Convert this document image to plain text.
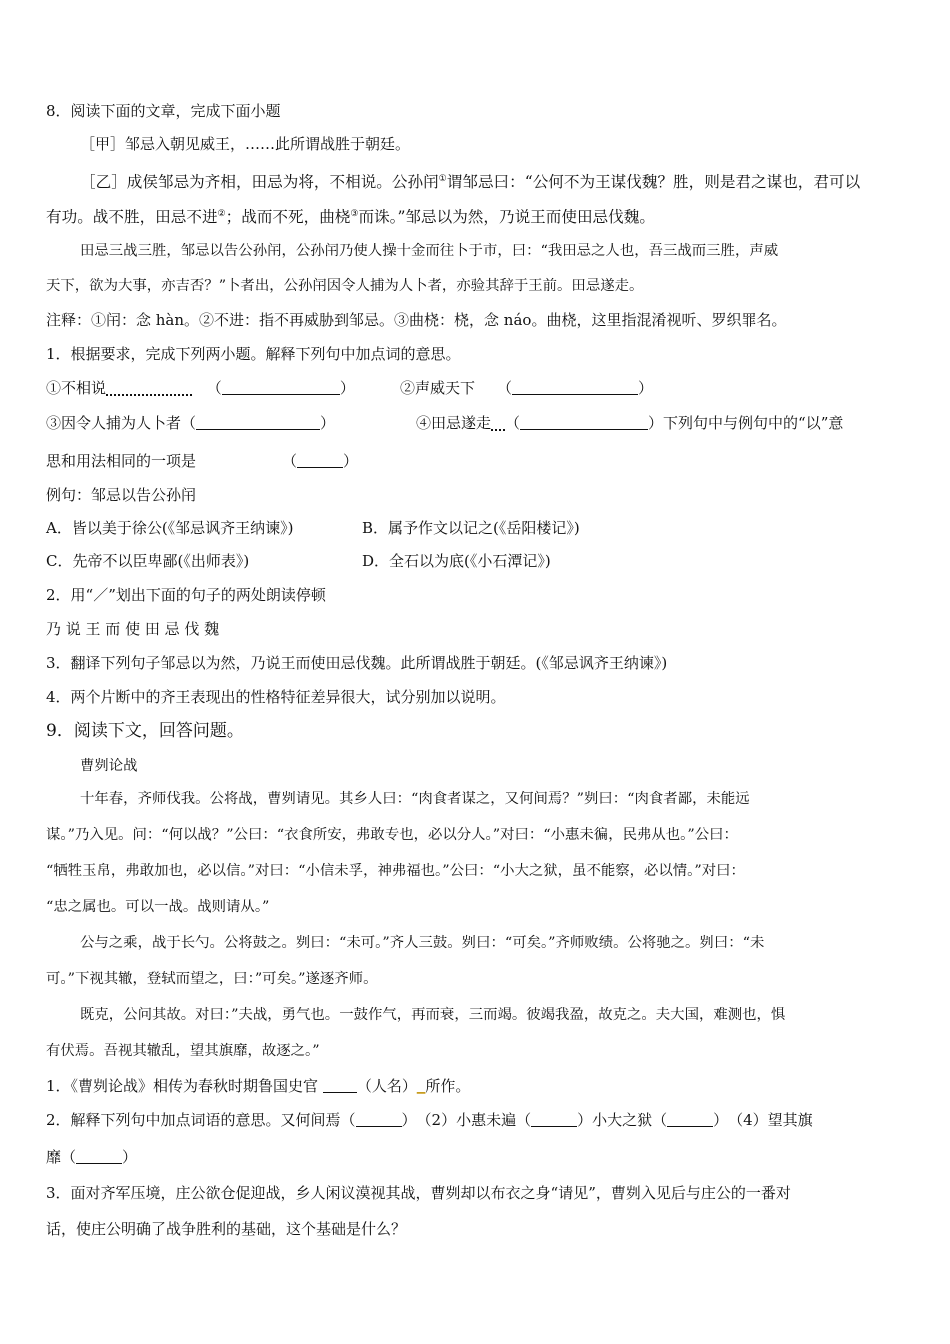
8．阅读下面的文章，完成下面小题
［甲］邹忌入朝见威王，……此所谓战胜于朝廷。
［乙］成侯邹忌为齐相，田忌为将，不相说。公孙闬①谓邹忌曰：“公何不为王谋伐魏？胜，则是君之谋也，君可以
有功。战不胜，田忌不进②；战而不死，曲桡③而诛。”邹忌以为然，乃说王而使田忌伐魏。
田忌三战三胜，邹忌以告公孙闬，公孙闬乃使人操十金而往卜于市，曰：“我田忌之人也，吾三战而三胜，声威
天下，欲为大事，亦吉否？”卜者出，公孙闬因令人捕为人卜者，亦验其辞于王前。田忌遂走。
注释：①闬：念 hàn。②不进：指不再威胁到邹忌。③曲桡：桡，念 náo。曲桡，这里指混淆视听、罗织罪名。
1．根据要求，完成下列两小题。解释下列句中加点词的意思。
①不相说	（	）	②声威天下 （	）
③因令人捕为人卜者（	）	④田忌遂走 （	）下列句中与例句中的“以”意
思和用法相同的一项是	（	）
例句：邹忌以告公孙闬
A．皆以美于徐公(《邹忌讽齐王纳谏》)	B．属予作文以记之(《岳阳楼记》)
C．先帝不以臣卑鄙(《出师表》)	D．全石以为底(《小石潭记》)
2．用“／”划出下面的句子的两处朗读停顿
乃 说 王 而 使 田 忌 伐 魏
3．翻译下列句子邹忌以为然，乃说王而使田忌伐魏。此所谓战胜于朝廷。(《邹忌讽齐王纳谏》)
4．两个片断中的齐王表现出的性格特征差异很大，试分别加以说明。
9．阅读下文，回答问题。
曹刿论战
十年春，齐师伐我。公将战，曹刿请见。其乡人曰：“肉食者谋之，又何间焉？”刿曰：“肉食者鄙，未能远
谋。”乃入见。问：“何以战？”公曰：“衣食所安，弗敢专也，必以分人。”对曰：“小惠未徧，民弗从也。”公曰：
“牺牲玉帛，弗敢加也，必以信。”对曰：“小信未孚，神弗福也。”公曰：“小大之狱，虽不能察，必以情。”对曰：
“忠之属也。可以一战。战则请从。”
公与之乘，战于长勺。公将鼓之。刿曰：“未可。”齐人三鼓。刿曰：“可矣。”齐师败绩。公将驰之。刿曰：“未
可。”下视其辙，登轼而望之，曰：”可矣。”遂逐齐师。
既克，公问其故。对曰：”夫战，勇气也。一鼓作气，再而衰，三而竭。彼竭我盈，故克之。夫大国，难测也，惧
有伏焉。吾视其辙乱，望其旗靡，故逐之。”
1．《曹刿论战》相传为春秋时期鲁国史官	（人名）▁所作。
2．解释下列句中加点词语的意思。又何间焉（	）　（2）小惠未遍（	）小大之狱（	）　（4）望其旗
靡（	）
3．面对齐军压境，庄公欲仓促迎战，乡人闲议漠视其战，曹刿却以布衣之身“请见”，曹刿入见后与庄公的一番对
话，使庄公明确了战争胜利的基础，这个基础是什么？
